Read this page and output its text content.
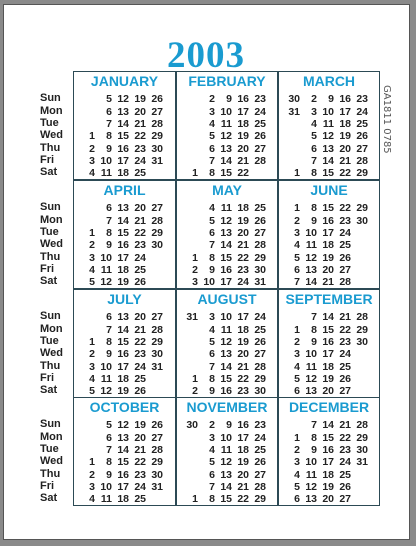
2003
GA1811 0785
JANUARY
1
2
3
4
5
6
7
8
9
10
11
12
13
14
15
16
17
18
19
20
21
22
23
24
25
26
27
28
29
30
31
FEBRUARY
1
2
3
4
5
6
7
8
9
10
11
12
13
14
15
16
17
18
19
20
21
22
23
24
25
26
27
28
MARCH
30
31
1
2
3
4
5
6
7
8
9
10
11
12
13
14
15
16
17
18
19
20
21
22
23
24
25
26
27
28
29
APRIL
1
2
3
4
5
6
7
8
9
10
11
12
13
14
15
16
17
18
19
20
21
22
23
24
25
26
27
28
29
30
MAY
1
2
3
4
5
6
7
8
9
10
11
12
13
14
15
16
17
18
19
20
21
22
23
24
25
26
27
28
29
30
31
JUNE
1
2
3
4
5
6
7
8
9
10
11
12
13
14
15
16
17
18
19
20
21
22
23
24
25
26
27
28
29
30
JULY
1
2
3
4
5
6
7
8
9
10
11
12
13
14
15
16
17
18
19
20
21
22
23
24
25
26
27
28
29
30
31
AUGUST
31
1
2
3
4
5
6
7
8
9
10
11
12
13
14
15
16
17
18
19
20
21
22
23
24
25
26
27
28
29
30
SEPTEMBER
1
2
3
4
5
6
7
8
9
10
11
12
13
14
15
16
17
18
19
20
21
22
23
24
25
26
27
28
29
30
OCTOBER
1
2
3
4
5
6
7
8
9
10
11
12
13
14
15
16
17
18
19
20
21
22
23
24
25
26
27
28
29
30
31
NOVEMBER
30
1
2
3
4
5
6
7
8
9
10
11
12
13
14
15
16
17
18
19
20
21
22
23
24
25
26
27
28
29
DECEMBER
1
2
3
4
5
6
7
8
9
10
11
12
13
14
15
16
17
18
19
20
21
22
23
24
25
26
27
28
29
30
31
Sun
Mon
Tue
Wed
Thu
Fri
Sat
Sun
Mon
Tue
Wed
Thu
Fri
Sat
Sun
Mon
Tue
Wed
Thu
Fri
Sat
Sun
Mon
Tue
Wed
Thu
Fri
Sat
